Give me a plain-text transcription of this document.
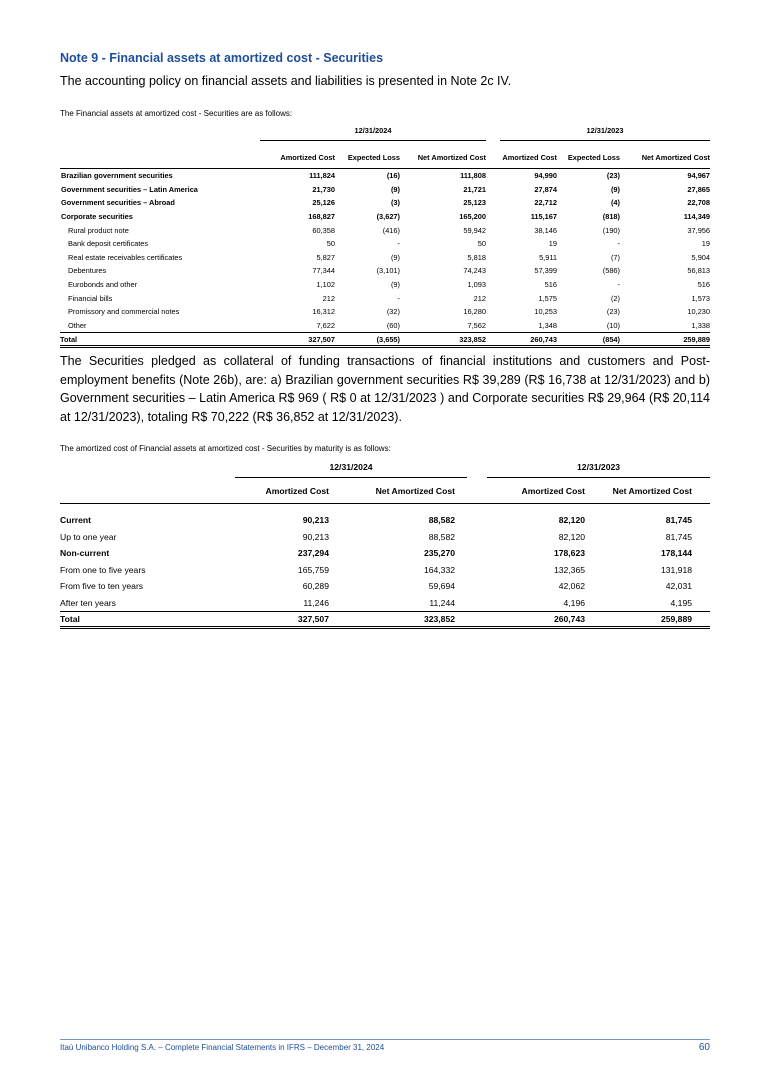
Note 9 - Financial assets at amortized cost - Securities

The accounting policy on financial assets and liabilities is presented in Note 2c IV.

The Financial assets at amortized cost - Securities are as follows:

	12/31/2024				12/31/2023		
	Amortized Cost	Expected Loss	Net Amortized Cost		Amortized Cost	Expected Loss	Net Amortized Cost
Brazilian government securities	111,824	(16)	111,808		94,990	(23)	94,967
Government securities – Latin America	21,730	(9)	21,721		27,874	(9)	27,865
Government securities – Abroad	25,126	(3)	25,123		22,712	(4)	22,708
Corporate securities	168,827	(3,627)	165,200		115,167	(818)	114,349
Rural product note	60,358	(416)	59,942		38,146	(190)	37,956
Bank deposit certificates	50	-	50		19	-	19
Real estate receivables certificates	5,827	(9)	5,818		5,911	(7)	5,904
Debentures	77,344	(3,101)	74,243		57,399	(586)	56,813
Eurobonds and other	1,102	(9)	1,093		516	-	516
Financial bills	212	-	212		1,575	(2)	1,573
Promissory and commercial notes	16,312	(32)	16,280		10,253	(23)	10,230
Other	7,622	(60)	7,562		1,348	(10)	1,338
Total	327,507	(3,655)	323,852		260,743	(854)	259,889

The Securities pledged as collateral of funding transactions of financial institutions and customers and Post-employment benefits (Note 26b), are: a) Brazilian government securities R$ 39,289 (R$ 16,738 at 12/31/2023) and b) Government securities – Latin America R$ 969 ( R$ 0 at 12/31/2023 ) and Corporate securities R$ 29,964 (R$ 20,114 at 12/31/2023), totaling R$ 70,222 (R$ 36,852 at 12/31/2023).

The amortized cost of Financial assets at amortized cost - Securities by maturity is as follows:

	12/31/2024			12/31/2023	
	Amortized Cost	Net Amortized Cost		Amortized Cost	Net Amortized Cost

Current	90,213	88,582		82,120	81,745
Up to one year	90,213	88,582		82,120	81,745
Non-current	237,294	235,270		178,623	178,144
From one to five years	165,759	164,332		132,365	131,918
From five to ten years	60,289	59,694		42,062	42,031
After ten years	11,246	11,244		4,196	4,195
Total	327,507	323,852		260,743	259,889
Itaú Unibanco Holding S.A. – Complete Financial Statements in IFRS – December 31, 2024	60
